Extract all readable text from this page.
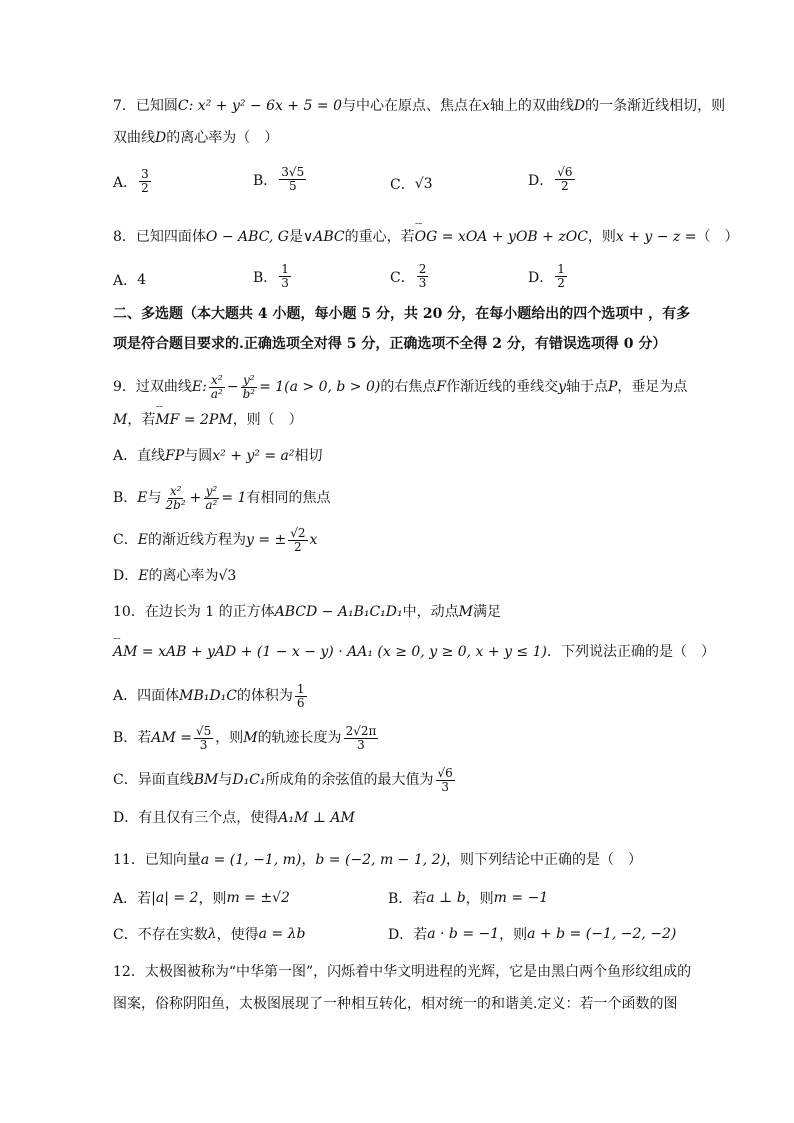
7．已知圆 C: x² + y² − 6x + 5 = 0 与中心在原点、焦点在 x 轴上的双曲线 D 的一条渐近线相切，则
双曲线 D 的离心率为（　）
A． $\frac{3}{2}$	B． $\frac{3√5}{5}$	C． √3	D． $\frac{√6}{2}$
8．已知四面体 O − ABC, G 是 ∨ABC 的重心，若 ˜˜ OG = xOA + yOB + zOC ，则 x + y − z = （　）
A． 4	B． $\frac{1}{3}$	C． $\frac{2}{3}$	D． $\frac{1}{2}$
二、多选题（本大题共 4 小题，每小题 5 分，共 20 分，在每小题给出的四个选项中 ，有多
项是符合题目要求的.正确选项全对得 5 分，正确选项不全得 2 分，有错误选项得 0 分）
9．过双曲线 E: $\frac{\text{x²}}{\text{a²}} - \frac{\text{y²}}{\text{b²}} = 1(a > 0$, b > 0) 的右焦点 F 作渐近线的垂线交 y 轴于点 P ，垂足为点
M ，若 ˜˜ MF = 2PM ，则（　）
A．直线 FP 与圆 x² + y² = a² 相切
B． E 与 $\frac{\text{x²}}{\text{2b²}} + \frac{\text{y²}}{\text{a²}} = 1$ 有相同的焦点
C． E 的渐近线方程为 y = ± $\frac{√2}{2}$ x
D． E 的离心率为 √3
10．在边长为 1 的正方体 ABCD − A₁B₁C₁D₁ 中，动点 M 满足
˜˜ AM = xAB + yAD + (1 − x − y) · AA₁ (x ≥ 0, y ≥ 0, x + y ≤ 1) ．下列说法正确的是（　）
A．四面体 MB₁D₁C 的体积为 $\frac{1}{6}$
B．若 AM = $\frac{√5}{3}$ ，则 M 的轨迹长度为 $\frac{2√2\pi}{3}$
C．异面直线 BM 与 D₁C₁ 所成角的余弦值的最大值为 $\frac{√6}{3}$
D．有且仅有三个点，使得 A₁M ⊥ AM
11．已知向量 a = (1, −1, m) ， b = (−2, m − 1, 2) ，则下列结论中正确的是（　）
A．若 |a| = 2 ，则 m = ±√2	B．若 a ⊥ b ，则 m = −1
C．不存在实数 λ ，使得 a = λb	D．若 a · b = −1 ，则 a + b = (−1, −2, −2)
12．太极图被称为“中华第一图”，闪烁着中华文明进程的光辉，它是由黑白两个鱼形纹组成的
图案，俗称阴阳鱼，太极图展现了一种相互转化，相对统一的和谐美.定义：若一个函数的图
